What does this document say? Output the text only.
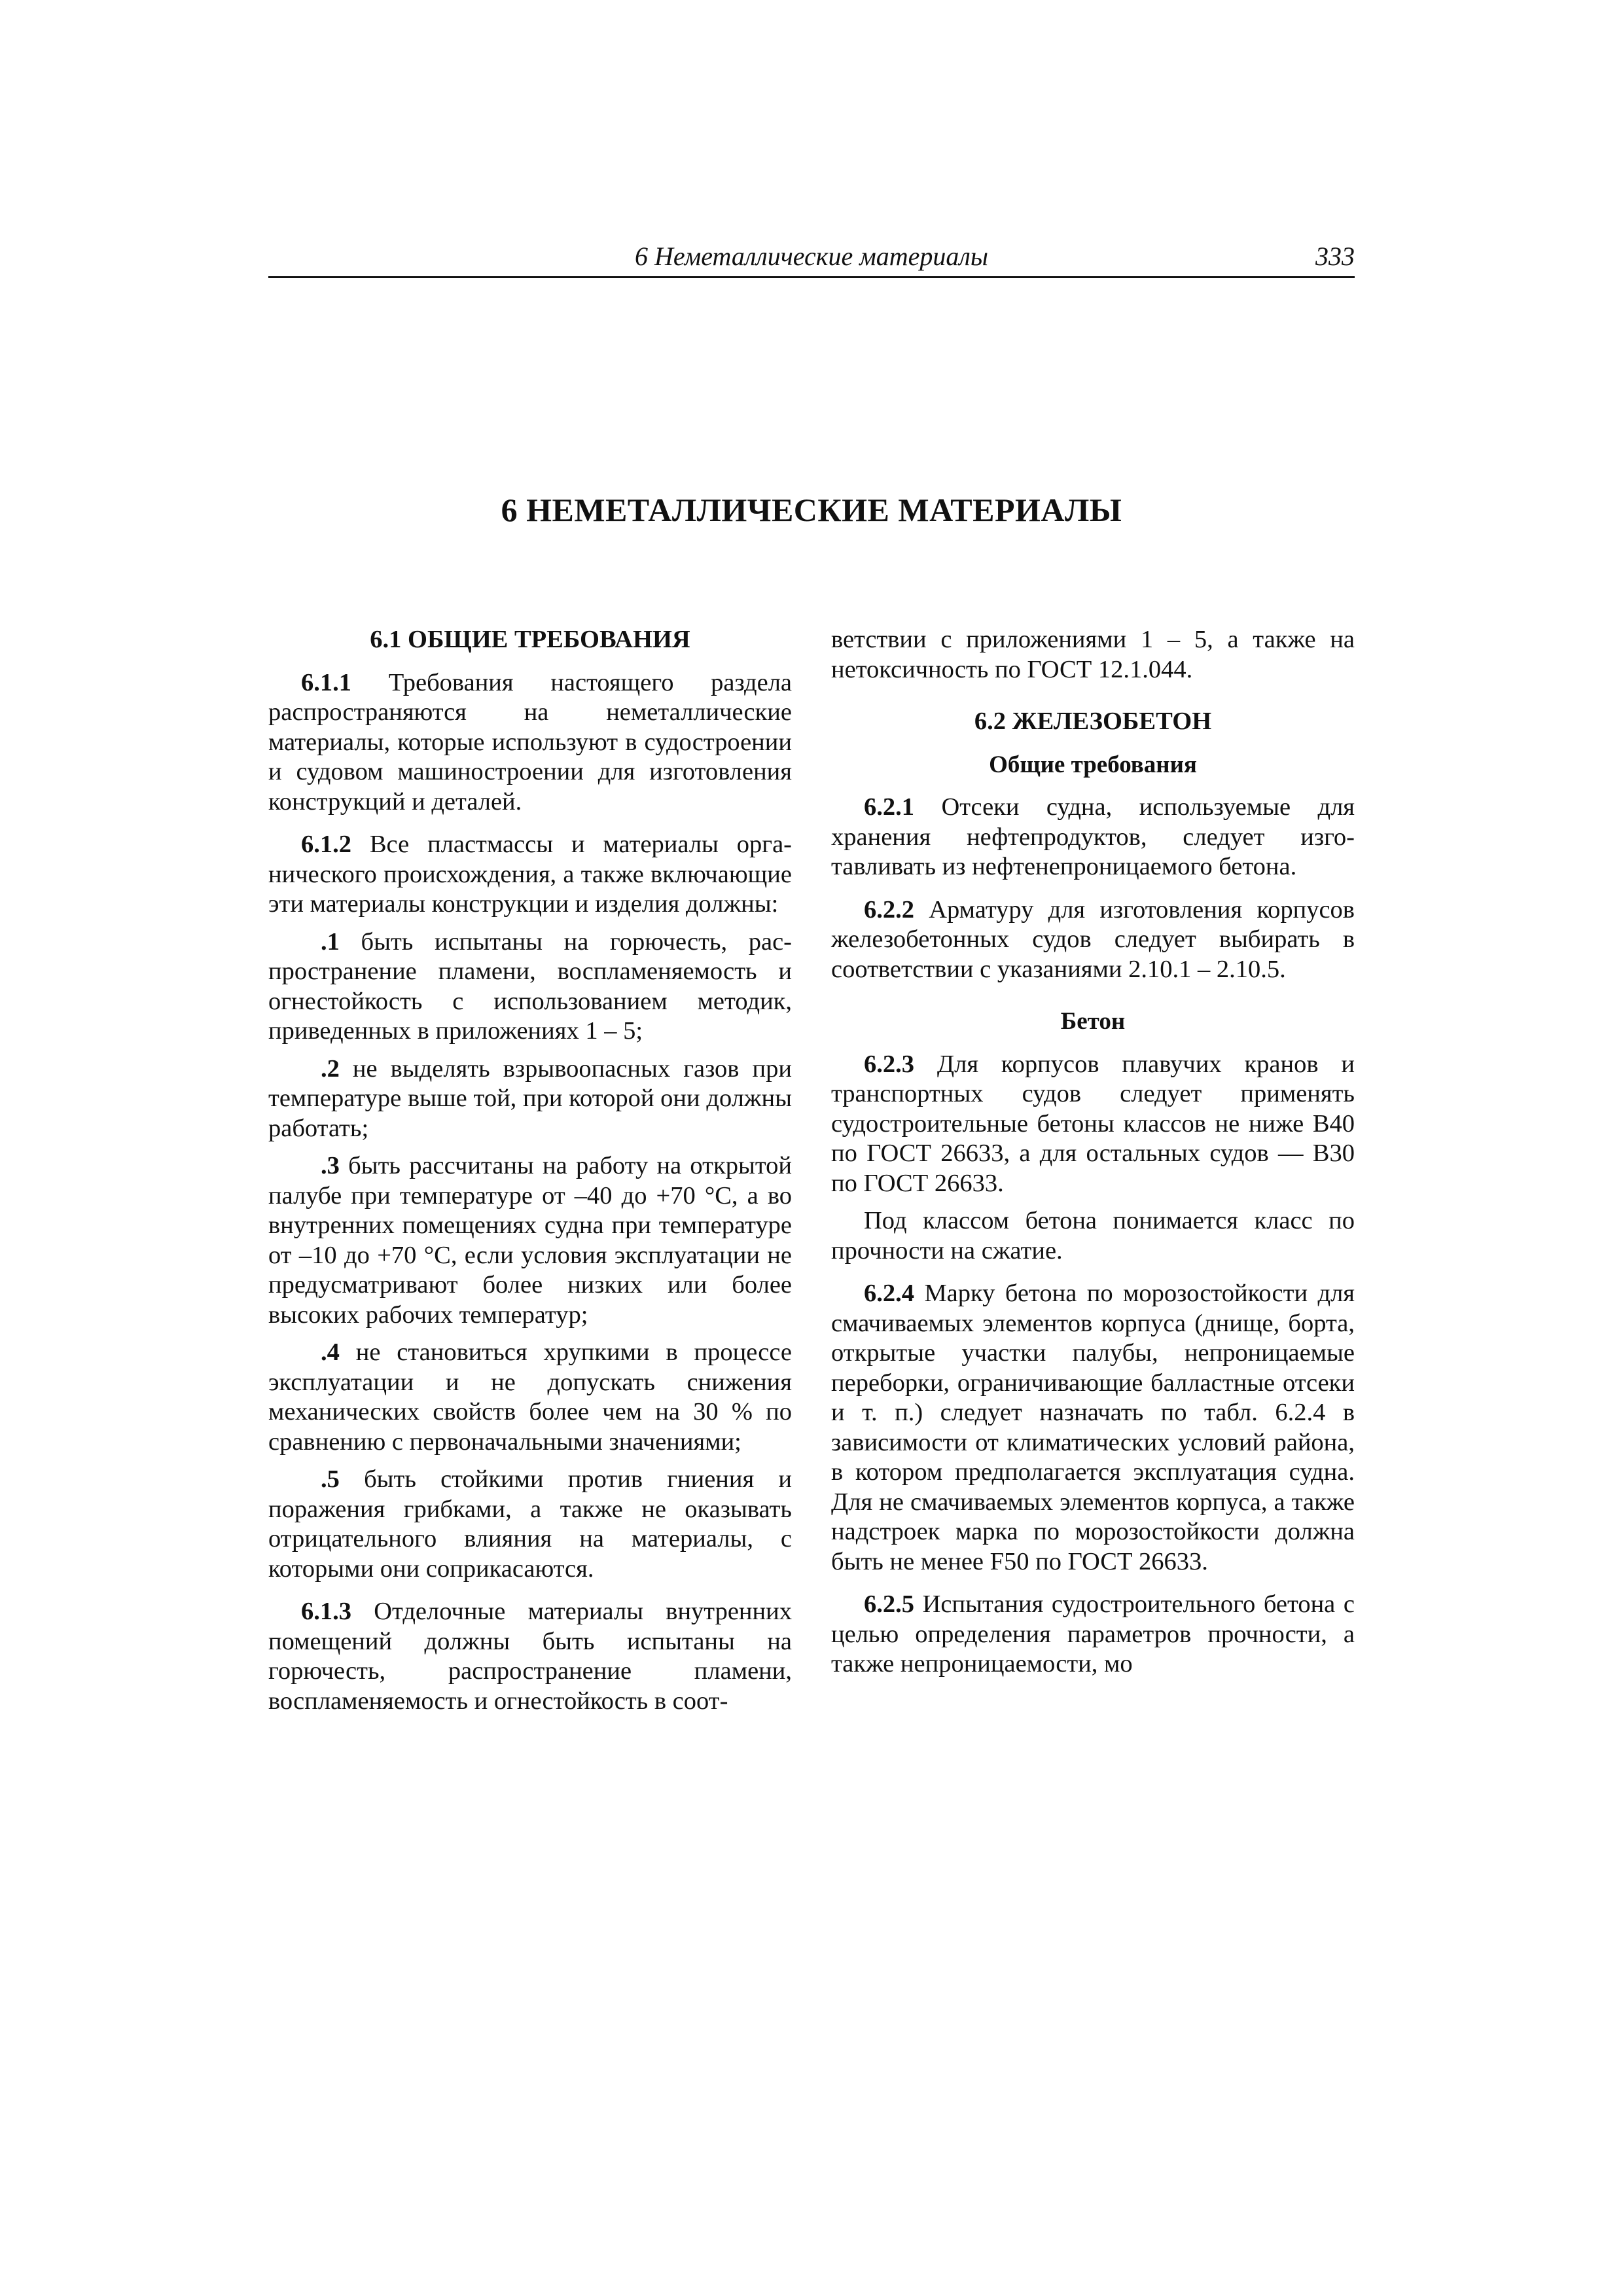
6 Неметаллические материалы	333
6 НЕМЕТАЛЛИЧЕСКИЕ МАТЕРИАЛЫ
6.1 ОБЩИЕ ТРЕБОВАНИЯ

6.1.1 Требования настоящего раздела распространяются на неметаллические материалы, которые используют в судостроении и судовом машиностроении для изготовления конструкций и деталей.

6.1.2 Все пластмассы и материалы органического происхождения, а также включающие эти материалы конструкции и изделия должны:

.1 быть испытаны на горючесть, распространение пламени, воспламеняемость и огнестойкость с использованием методик, приведенных в приложениях 1 – 5;

.2 не выделять взрывоопасных газов при температуре выше той, при которой они должны работать;

.3 быть рассчитаны на работу на открытой палубе при температуре от –40 до +70 °С, а во внутренних помещениях судна при температуре от –10 до +70 °С, если условия эксплуатации не предусматривают более низких или более высоких рабочих температур;

.4 не становиться хрупкими в процессе эксплуатации и не допускать снижения механических свойств более чем на 30 % по сравнению с первоначальными значениями;

.5 быть стойкими против гниения и поражения грибками, а также не оказывать отрицательного влияния на материалы, с которыми они соприкасаются.

6.1.3 Отделочные материалы внутренних помещений должны быть испытаны на горючесть, распространение пламени, воспламеняемость и огнестойкость в соот-

ветствии с приложениями 1 – 5, а также на нетоксичность по ГОСТ 12.1.044.

6.2 ЖЕЛЕЗОБЕТОН
Общие требования

6.2.1 Отсеки судна, используемые для хранения нефтепродуктов, следует изготавливать из нефтенепроницаемого бетона.

6.2.2 Арматуру для изготовления корпусов железобетонных судов следует выбирать в соответствии с указаниями 2.10.1 – 2.10.5.

Бетон

6.2.3 Для корпусов плавучих кранов и транспортных судов следует применять судостроительные бетоны классов не ниже В40 по ГОСТ 26633, а для остальных судов — В30 по ГОСТ 26633.

Под классом бетона понимается класс по прочности на сжатие.

6.2.4 Марку бетона по морозостойкости для смачиваемых элементов корпуса (днище, борта, открытые участки палубы, непроницаемые переборки, ограничивающие балластные отсеки и т. п.) следует назначать по табл. 6.2.4 в зависимости от климатических условий района, в котором предполагается эксплуатация судна. Для не смачиваемых элементов корпуса, а также надстроек марка по морозостойкости должна быть не менее F50 по ГОСТ 26633.

6.2.5 Испытания судостроительного бетона с целью определения параметров прочности, а также непроницаемости, мо
